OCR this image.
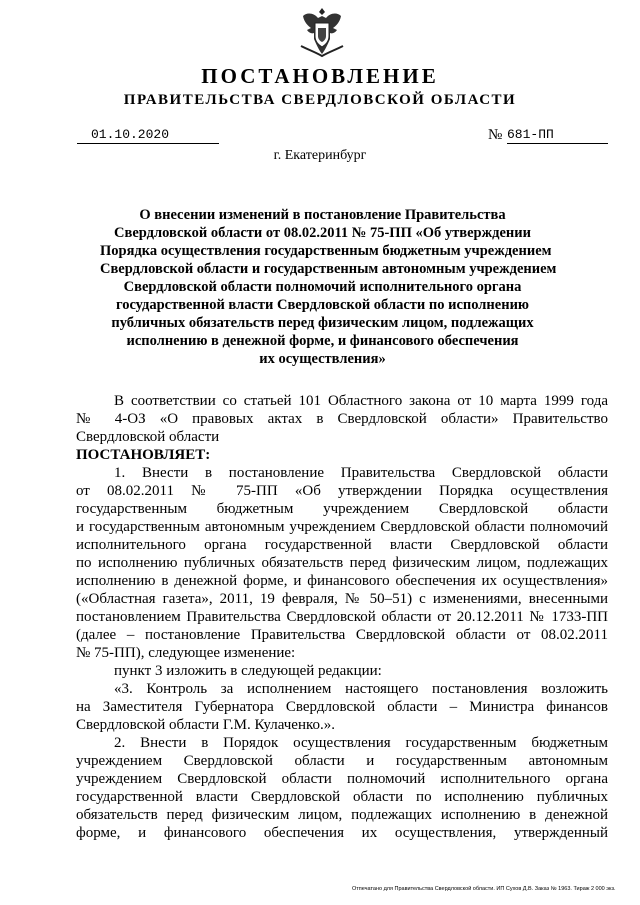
ПОСТАНОВЛЕНИЕ
ПРАВИТЕЛЬСТВА СВЕРДЛОВСКОЙ ОБЛАСТИ
01.10.2020	№ 681-ПП
г. Екатеринбург
О внесении изменений в постановление Правительства
Свердловской области от 08.02.2011 № 75-ПП «Об утверждении
Порядка осуществления государственным бюджетным учреждением
Свердловской области и государственным автономным учреждением
Свердловской области полномочий исполнительного органа
государственной власти Свердловской области по исполнению
публичных обязательств перед физическим лицом, подлежащих
исполнению в денежной форме, и финансового обеспечения
их осуществления»
В соответствии со статьей 101 Областного закона от 10 марта 1999 года
№ 4-ОЗ «О правовых актах в Свердловской области» Правительство
Свердловской области
ПОСТАНОВЛЯЕТ:
1. Внести в постановление Правительства Свердловской области
от 08.02.2011 № 75-ПП «Об утверждении Порядка осуществления
государственным бюджетным учреждением Свердловской области
и государственным автономным учреждением Свердловской области полномочий
исполнительного органа государственной власти Свердловской области
по исполнению публичных обязательств перед физическим лицом, подлежащих
исполнению в денежной форме, и финансового обеспечения их осуществления»
(«Областная газета», 2011, 19 февраля, № 50–51) с изменениями, внесенными
постановлением Правительства Свердловской области от 20.12.2011 № 1733-ПП
(далее – постановление Правительства Свердловской области от 08.02.2011
№ 75-ПП), следующее изменение:
пункт 3 изложить в следующей редакции:
«3. Контроль за исполнением настоящего постановления возложить
на Заместителя Губернатора Свердловской области – Министра финансов
Свердловской области Г.М. Кулаченко.».
2. Внести в Порядок осуществления государственным бюджетным
учреждением Свердловской области и государственным автономным
учреждением Свердловской области полномочий исполнительного органа
государственной власти Свердловской области по исполнению публичных
обязательств перед физическим лицом, подлежащих исполнению в денежной
форме, и финансового обеспечения их осуществления, утвержденный
Отпечатано для Правительства Свердловской области. ИП Сухов Д.В. Заказ № 1963. Тираж 2 000 экз.
